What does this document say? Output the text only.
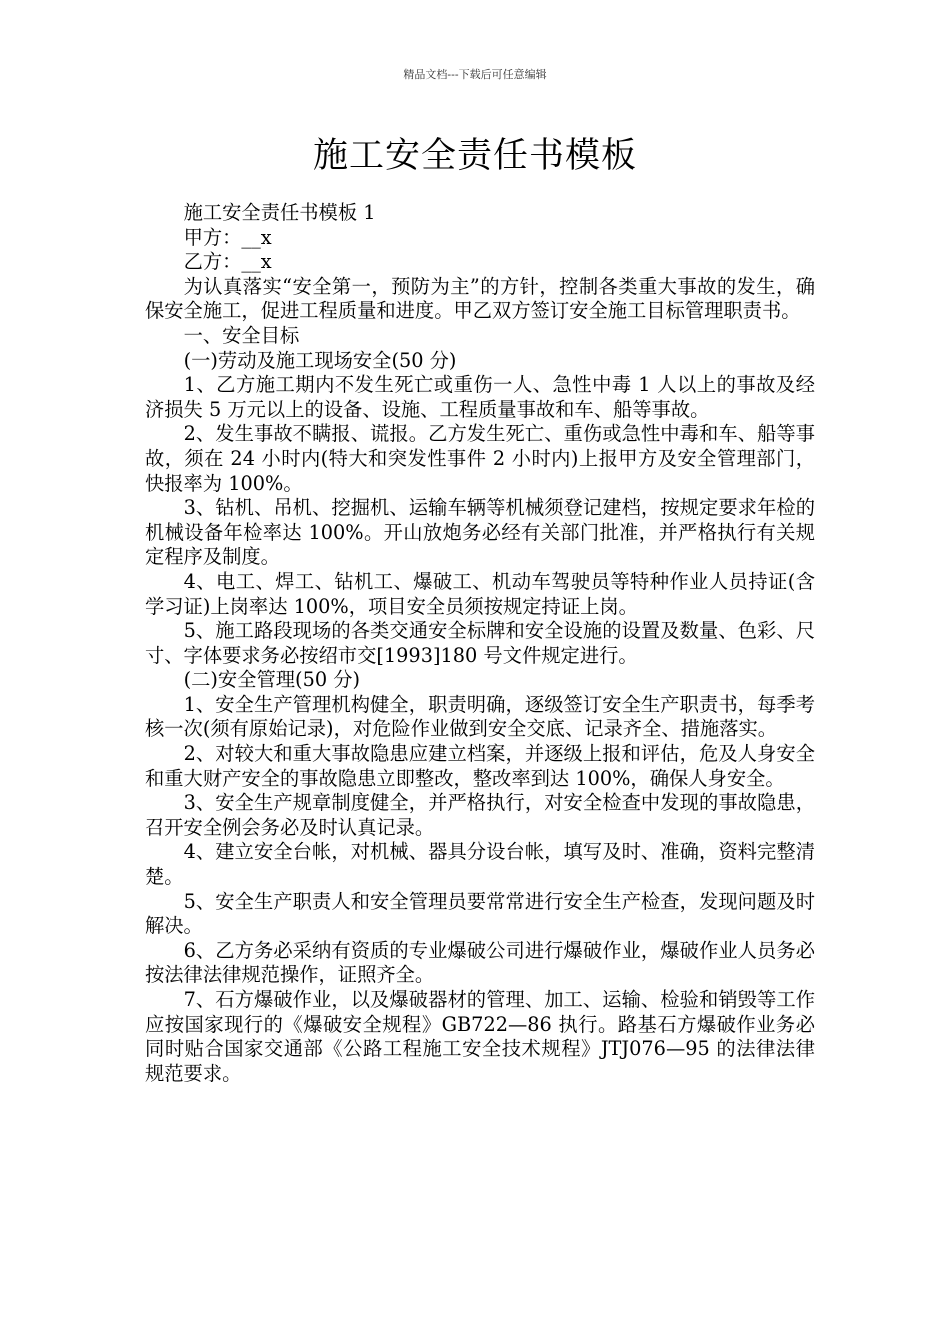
精品文档---下载后可任意编辑
施工安全责任书模板

施工安全责任书模板 1

甲方：__x

乙方：__x

为认真落实“安全第一，预防为主”的方针，控制各类重大事故的发生，确保安全施工，促进工程质量和进度。甲乙双方签订安全施工目标管理职责书。

一、安全目标

(一)劳动及施工现场安全(50 分)

1、乙方施工期内不发生死亡或重伤一人、急性中毒 1 人以上的事故及经济损失 5 万元以上的设备、设施、工程质量事故和车、船等事故。

2、发生事故不瞒报、谎报。乙方发生死亡、重伤或急性中毒和车、船等事故，须在 24 小时内(特大和突发性事件 2 小时内)上报甲方及安全管理部门，快报率为 100%。

3、钻机、吊机、挖掘机、运输车辆等机械须登记建档，按规定要求年检的机械设备年检率达 100%。开山放炮务必经有关部门批准，并严格执行有关规定程序及制度。

4、电工、焊工、钻机工、爆破工、机动车驾驶员等特种作业人员持证(含学习证)上岗率达 100%，项目安全员须按规定持证上岗。

5、施工路段现场的各类交通安全标牌和安全设施的设置及数量、色彩、尺寸、字体要求务必按绍市交[1993]180 号文件规定进行。

(二)安全管理(50 分)

1、安全生产管理机构健全，职责明确，逐级签订安全生产职责书，每季考核一次(须有原始记录)，对危险作业做到安全交底、记录齐全、措施落实。

2、对较大和重大事故隐患应建立档案，并逐级上报和评估，危及人身安全和重大财产安全的事故隐患立即整改，整改率到达 100%，确保人身安全。

3、安全生产规章制度健全，并严格执行，对安全检查中发现的事故隐患，召开安全例会务必及时认真记录。

4、建立安全台帐，对机械、器具分设台帐，填写及时、准确，资料完整清楚。

5、安全生产职责人和安全管理员要常常进行安全生产检查，发现问题及时解决。

6、乙方务必采纳有资质的专业爆破公司进行爆破作业，爆破作业人员务必按法律法律规范操作，证照齐全。

7、石方爆破作业，以及爆破器材的管理、加工、运输、检验和销毁等工作应按国家现行的《爆破安全规程》GB722—86 执行。路基石方爆破作业务必同时贴合国家交通部《公路工程施工安全技术规程》JTJ076—95 的法律法律规范要求。
